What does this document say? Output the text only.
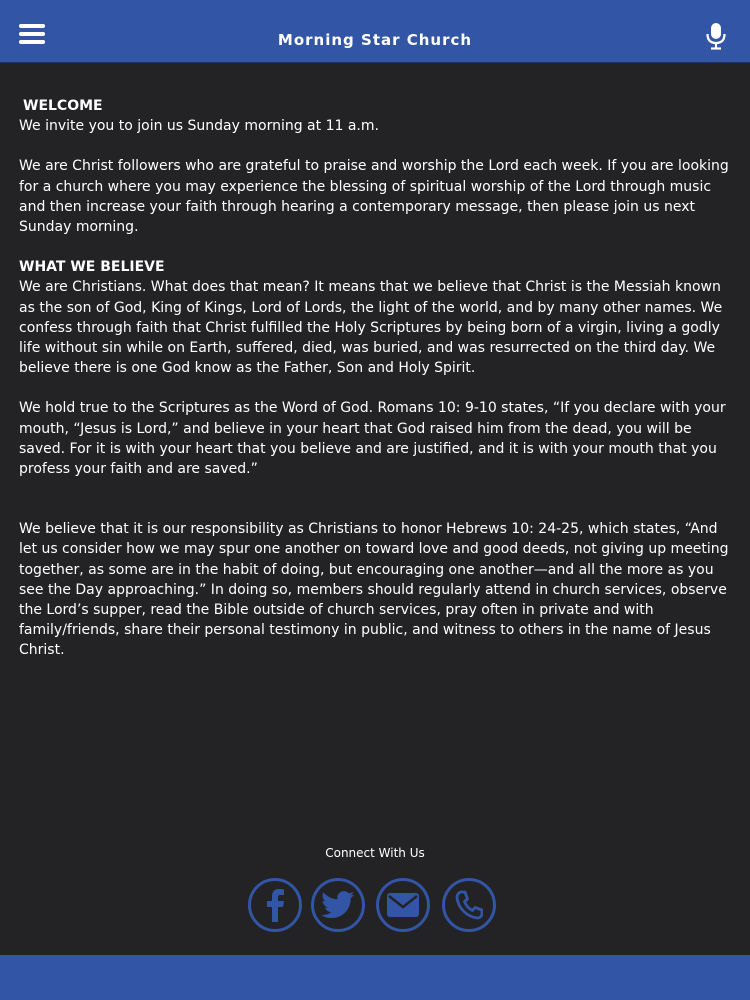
Morning Star Church

WELCOME

We invite you to join us Sunday morning at 11 a.m.

We are Christ followers who are grateful to praise and worship the Lord each week. If you are looking for a church where you may experience the blessing of spiritual worship of the Lord through music and then increase your faith through hearing a contemporary message, then please join us next Sunday morning.

WHAT WE BELIEVE

We are Christians. What does that mean? It means that we believe that Christ is the Messiah known as the son of God, King of Kings, Lord of Lords, the light of the world, and by many other names. We confess through faith that Christ fulfilled the Holy Scriptures by being born of a virgin, living a godly life without sin while on Earth, suffered, died, was buried, and was resurrected on the third day. We believe there is one God know as the Father, Son and Holy Spirit.

We hold true to the Scriptures as the Word of God. Romans 10: 9-10 states, “If you declare with your mouth, “Jesus is Lord,” and believe in your heart that God raised him from the dead, you will be saved. For it is with your heart that you believe and are justified, and it is with your mouth that you profess your faith and are saved.”

We believe that it is our responsibility as Christians to honor Hebrews 10: 24-25, which states, “And let us consider how we may spur one another on toward love and good deeds, not giving up meeting together, as some are in the habit of doing, but encouraging one another—and all the more as you see the Day approaching.” In doing so, members should regularly attend in church services, observe the Lord’s supper, read the Bible outside of church services, pray often in private and with family/friends, share their personal testimony in public, and witness to others in the name of Jesus Christ.

Connect With Us
